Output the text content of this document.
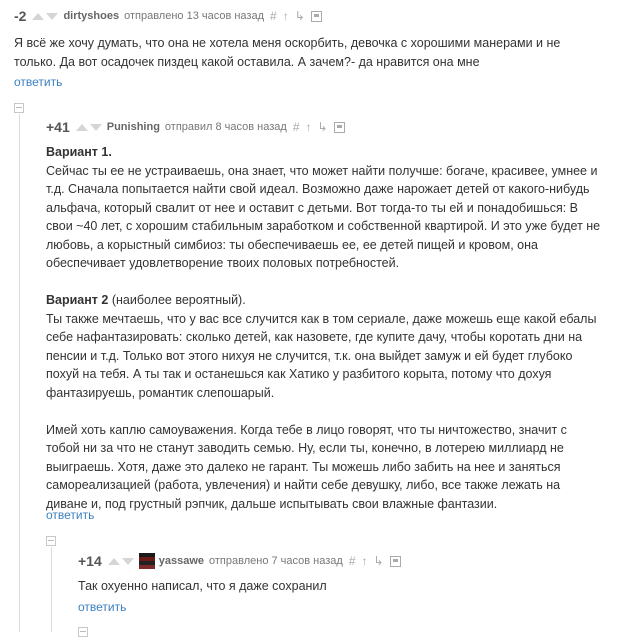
-2	dirtyshoes отправлено 13 часов назад # ↑ ↳
Я всё же хочу думать, что она не хотела меня оскорбить, девочка с хорошими манерами и не
только. Да вот осадочек пиздец какой оставила. А зачем?- да нравится она мне
ответить
+41	Punishing отправил 8 часов назад # ↑ ↳
Вариант 1.
Сейчас ты ее не устраиваешь, она знает, что может найти получше: богаче, красивее, умнее и
т.д. Сначала попытается найти свой идеал. Возможно даже нарожает детей от какого-нибудь
альфача, который свалит от нее и оставит с детьми. Вот тогда-то ты ей и понадобишься: В
свои ~40 лет, с хорошим стабильным заработком и собственной квартирой. И это уже будет не
любовь, а корыстный симбиоз: ты обеспечиваешь ее, ее детей пищей и кровом, она
обеспечивает удовлетворение твоих половых потребностей.
Вариант 2 (наиболее вероятный).
Ты также мечтаешь, что у вас все случится как в том сериале, даже можешь еще какой ебалы
себе нафантазировать: сколько детей, как назовете, где купите дачу, чтобы коротать дни на
пенсии и т.д. Только вот этого нихуя не случится, т.к. она выйдет замуж и ей будет глубоко
похуй на тебя. А ты так и останешься как Хатико у разбитого корыта, потому что дохуя
фантазируешь, романтик слепошарый.
Имей хоть каплю самоуважения. Когда тебе в лицо говорят, что ты ничтожество, значит с
тобой ни за что не станут заводить семью. Ну, если ты, конечно, в лотерею миллиард не
выиграешь. Хотя, даже это далеко не гарант. Ты можешь либо забить на нее и заняться
самореализацией (работа, увлечения) и найти себе девушку, либо, все также лежать на
диване и, под грустный рэпчик, дальше испытывать свои влажные фантазии.
ответить
+14	yassawe отправлено 7 часов назад # ↑ ↳
Так охуенно написал, что я даже сохранил
ответить
